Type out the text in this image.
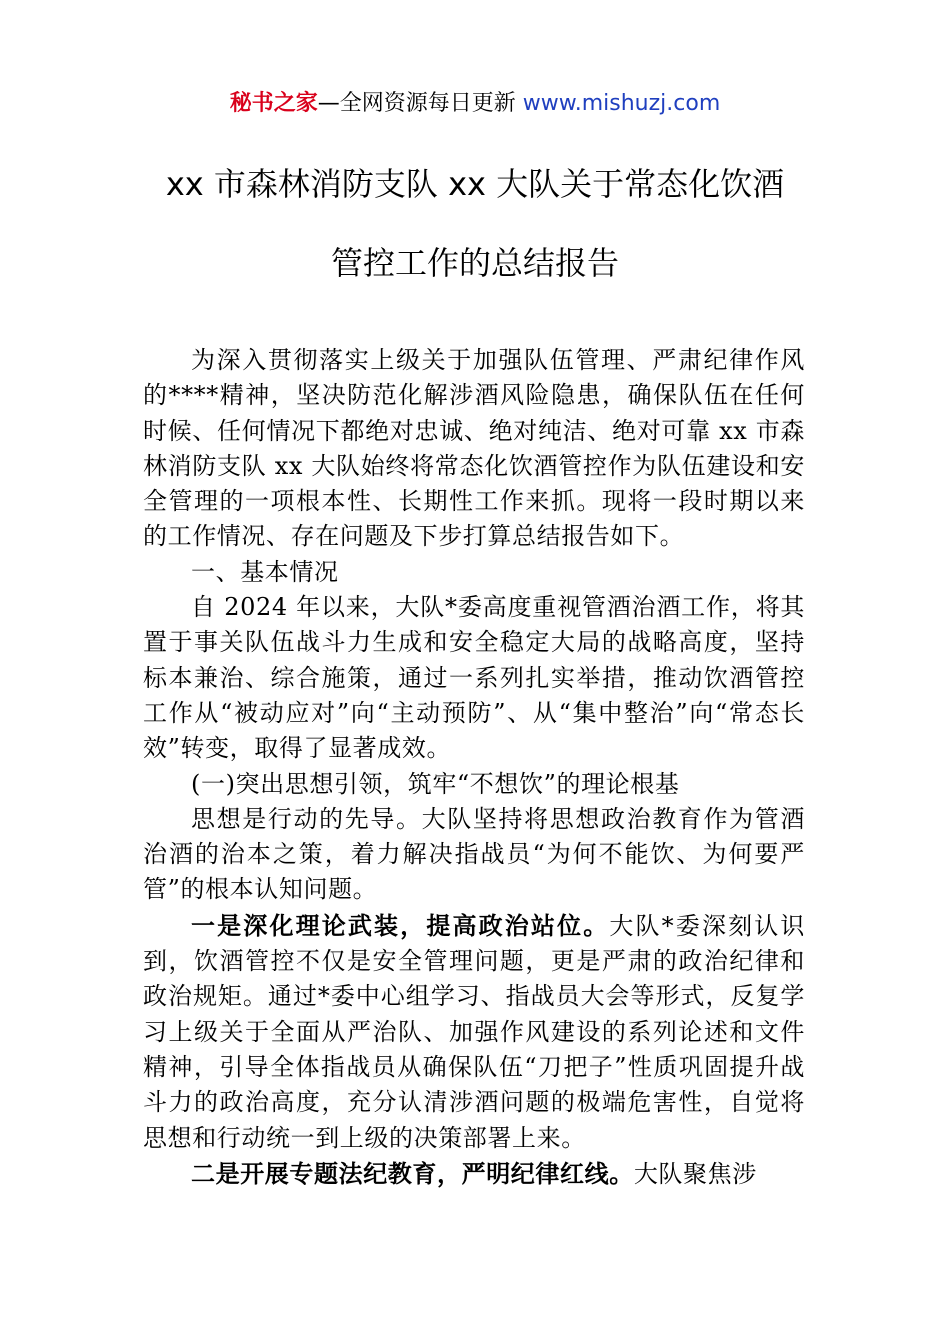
秘书之家—全网资源每日更新 www.mishuzj.com
xx 市森林消防支队 xx 大队关于常态化饮酒
管控工作的总结报告

为深入贯彻落实上级关于加强队伍管理、严肃纪律作风的****精神，坚决防范化解涉酒风险隐患，确保队伍在任何时候、任何情况下都绝对忠诚、绝对纯洁、绝对可靠 xx 市森林消防支队 xx 大队始终将常态化饮酒管控作为队伍建设和安全管理的一项根本性、长期性工作来抓。现将一段时期以来的工作情况、存在问题及下步打算总结报告如下。

一、基本情况

自 2024 年以来，大队*委高度重视管酒治酒工作，将其置于事关队伍战斗力生成和安全稳定大局的战略高度，坚持标本兼治、综合施策，通过一系列扎实举措，推动饮酒管控工作从“被动应对”向“主动预防”、从“集中整治”向“常态长效”转变，取得了显著成效。

(一)突出思想引领，筑牢“不想饮”的理论根基

思想是行动的先导。大队坚持将思想政治教育作为管酒治酒的治本之策，着力解决指战员“为何不能饮、为何要严管”的根本认知问题。

一是深化理论武装，提高政治站位。大队*委深刻认识到，饮酒管控不仅是安全管理问题，更是严肃的政治纪律和政治规矩。通过*委中心组学习、指战员大会等形式，反复学习上级关于全面从严治队、加强作风建设的系列论述和文件精神，引导全体指战员从确保队伍“刀把子”性质巩固提升战斗力的政治高度，充分认清涉酒问题的极端危害性，自觉将思想和行动统一到上级的决策部署上来。

二是开展专题法纪教育，严明纪律红线。大队聚焦涉
